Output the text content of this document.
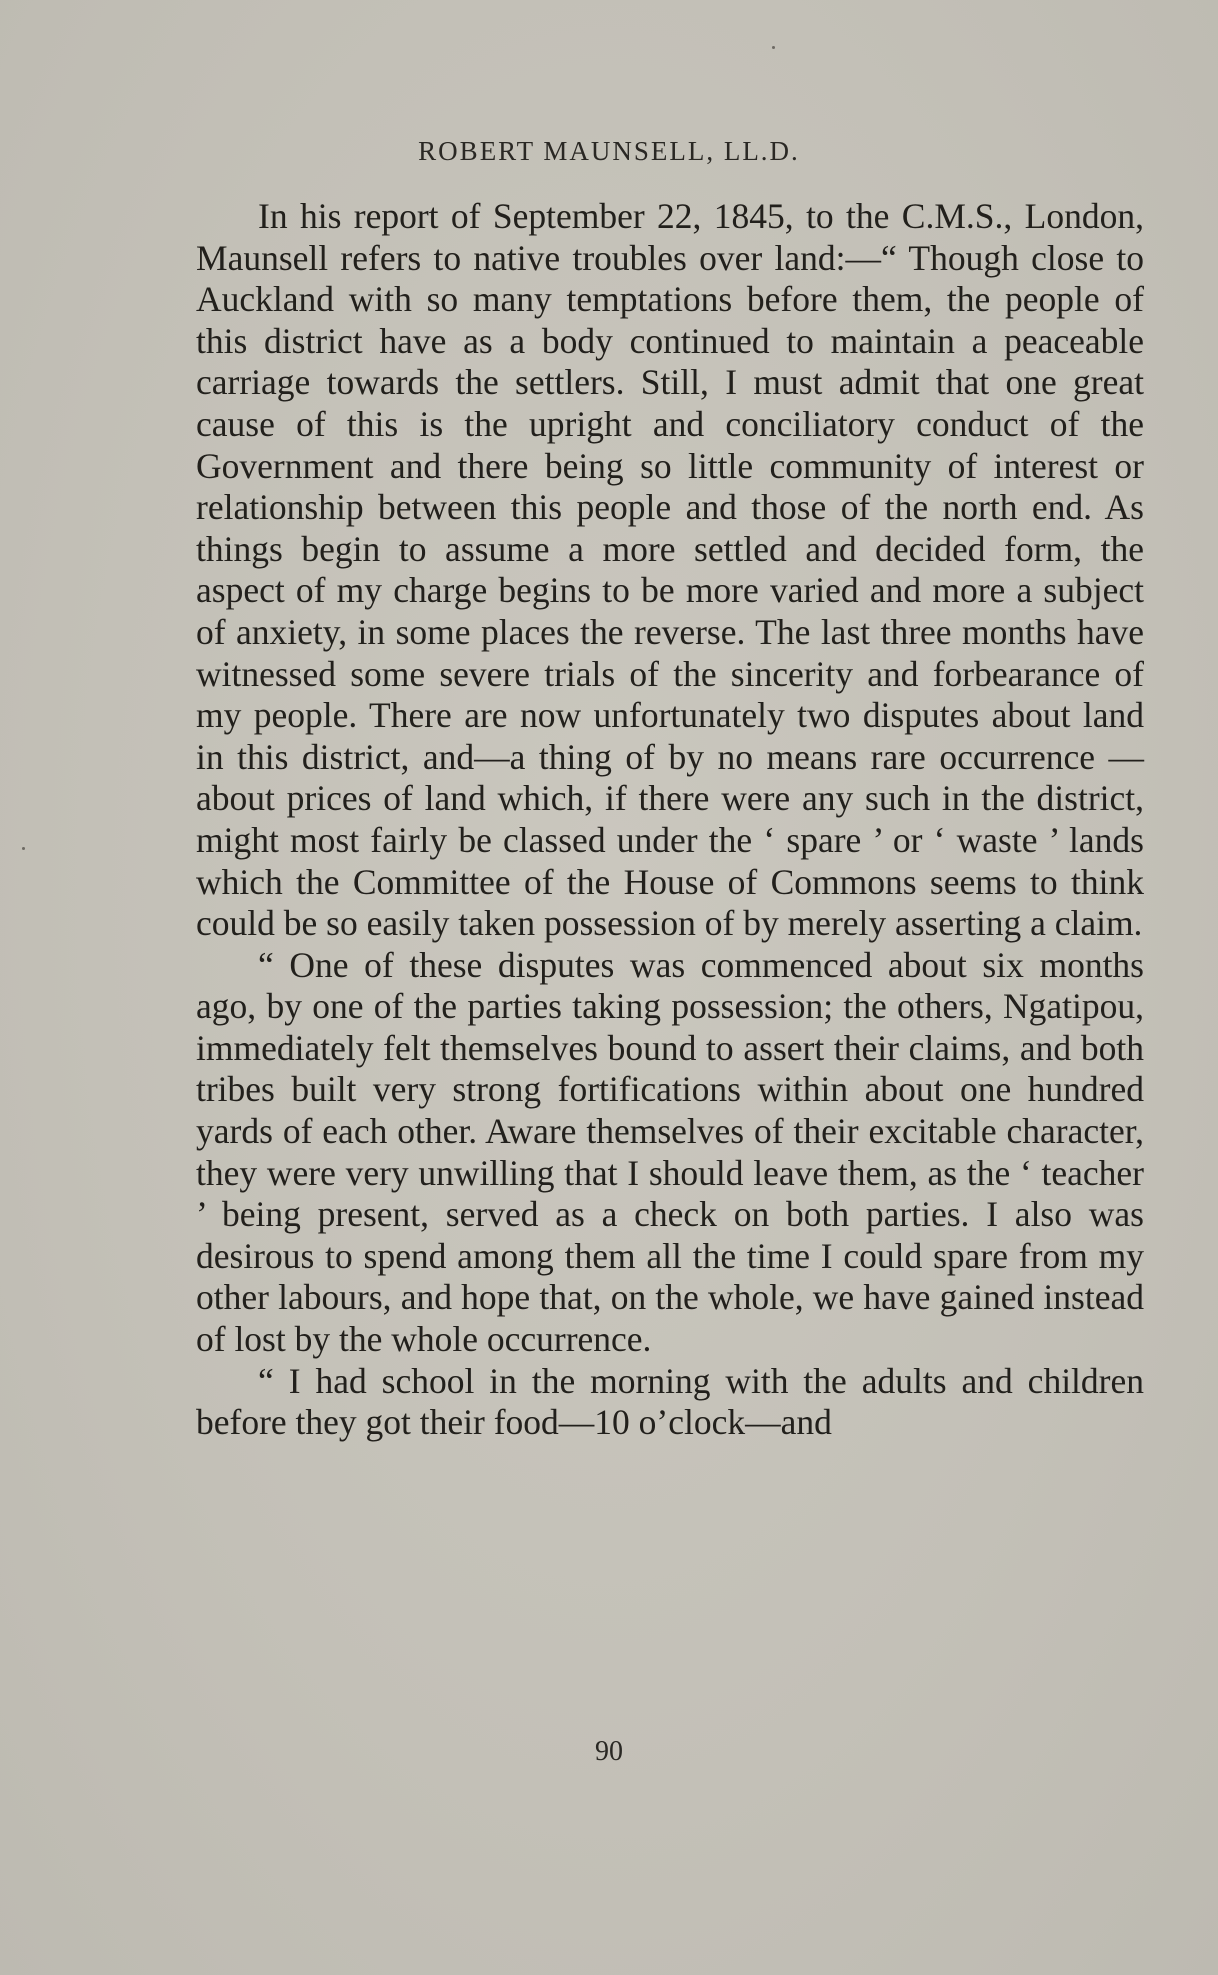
ROBERT MAUNSELL, LL.D.

In his report of September 22, 1845, to the C.M.S., London, Maunsell refers to native troubles over land:—“ Though close to Auckland with so many temptations before them, the people of this district have as a body continued to maintain a peaceable carriage towards the settlers. Still, I must admit that one great cause of this is the upright and conciliatory conduct of the Government and there being so little community of interest or relationship between this people and those of the north end. As things begin to assume a more settled and decided form, the aspect of my charge begins to be more varied and more a subject of anxiety, in some places the reverse. The last three months have witnessed some severe trials of the sincerity and forbearance of my people. There are now unfortunately two disputes about land in this district, and—a thing of by no means rare occurrence —about prices of land which, if there were any such in the district, might most fairly be classed under the ‘ spare ’ or ‘ waste ’ lands which the Committee of the House of Commons seems to think could be so easily taken possession of by merely asserting a claim.

“ One of these disputes was commenced about six months ago, by one of the parties taking possession; the others, Ngatipou, immediately felt themselves bound to assert their claims, and both tribes built very strong fortifications within about one hundred yards of each other. Aware themselves of their excitable character, they were very unwilling that I should leave them, as the ‘ teacher ’ being present, served as a check on both parties. I also was desirous to spend among them all the time I could spare from my other labours, and hope that, on the whole, we have gained instead of lost by the whole occurrence.

“ I had school in the morning with the adults and children before they got their food—10 o’clock—and

90
